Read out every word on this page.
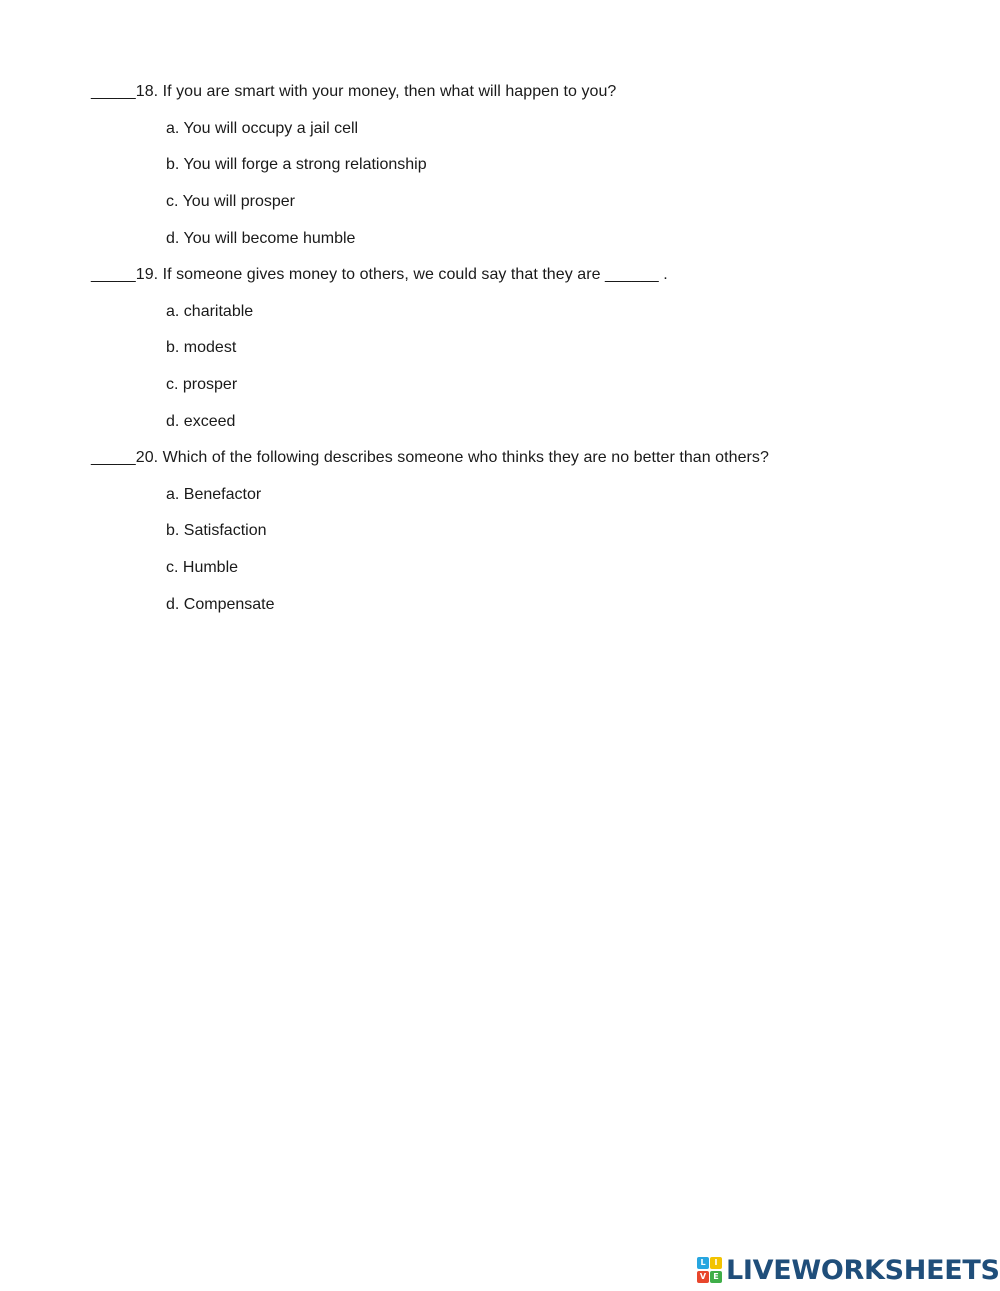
_____18. If you are smart with your money, then what will happen to you?
a. You will occupy a jail cell
b. You will forge a strong relationship
c. You will prosper
d. You will become humble
_____19. If someone gives money to others, we could say that they are ______ .
a. charitable
b. modest
c. prosper
d. exceed
_____20. Which of the following describes someone who thinks they are no better than others?
a. Benefactor
b. Satisfaction
c. Humble
d. Compensate
L	I
V E LIVEWORKSHEETS
